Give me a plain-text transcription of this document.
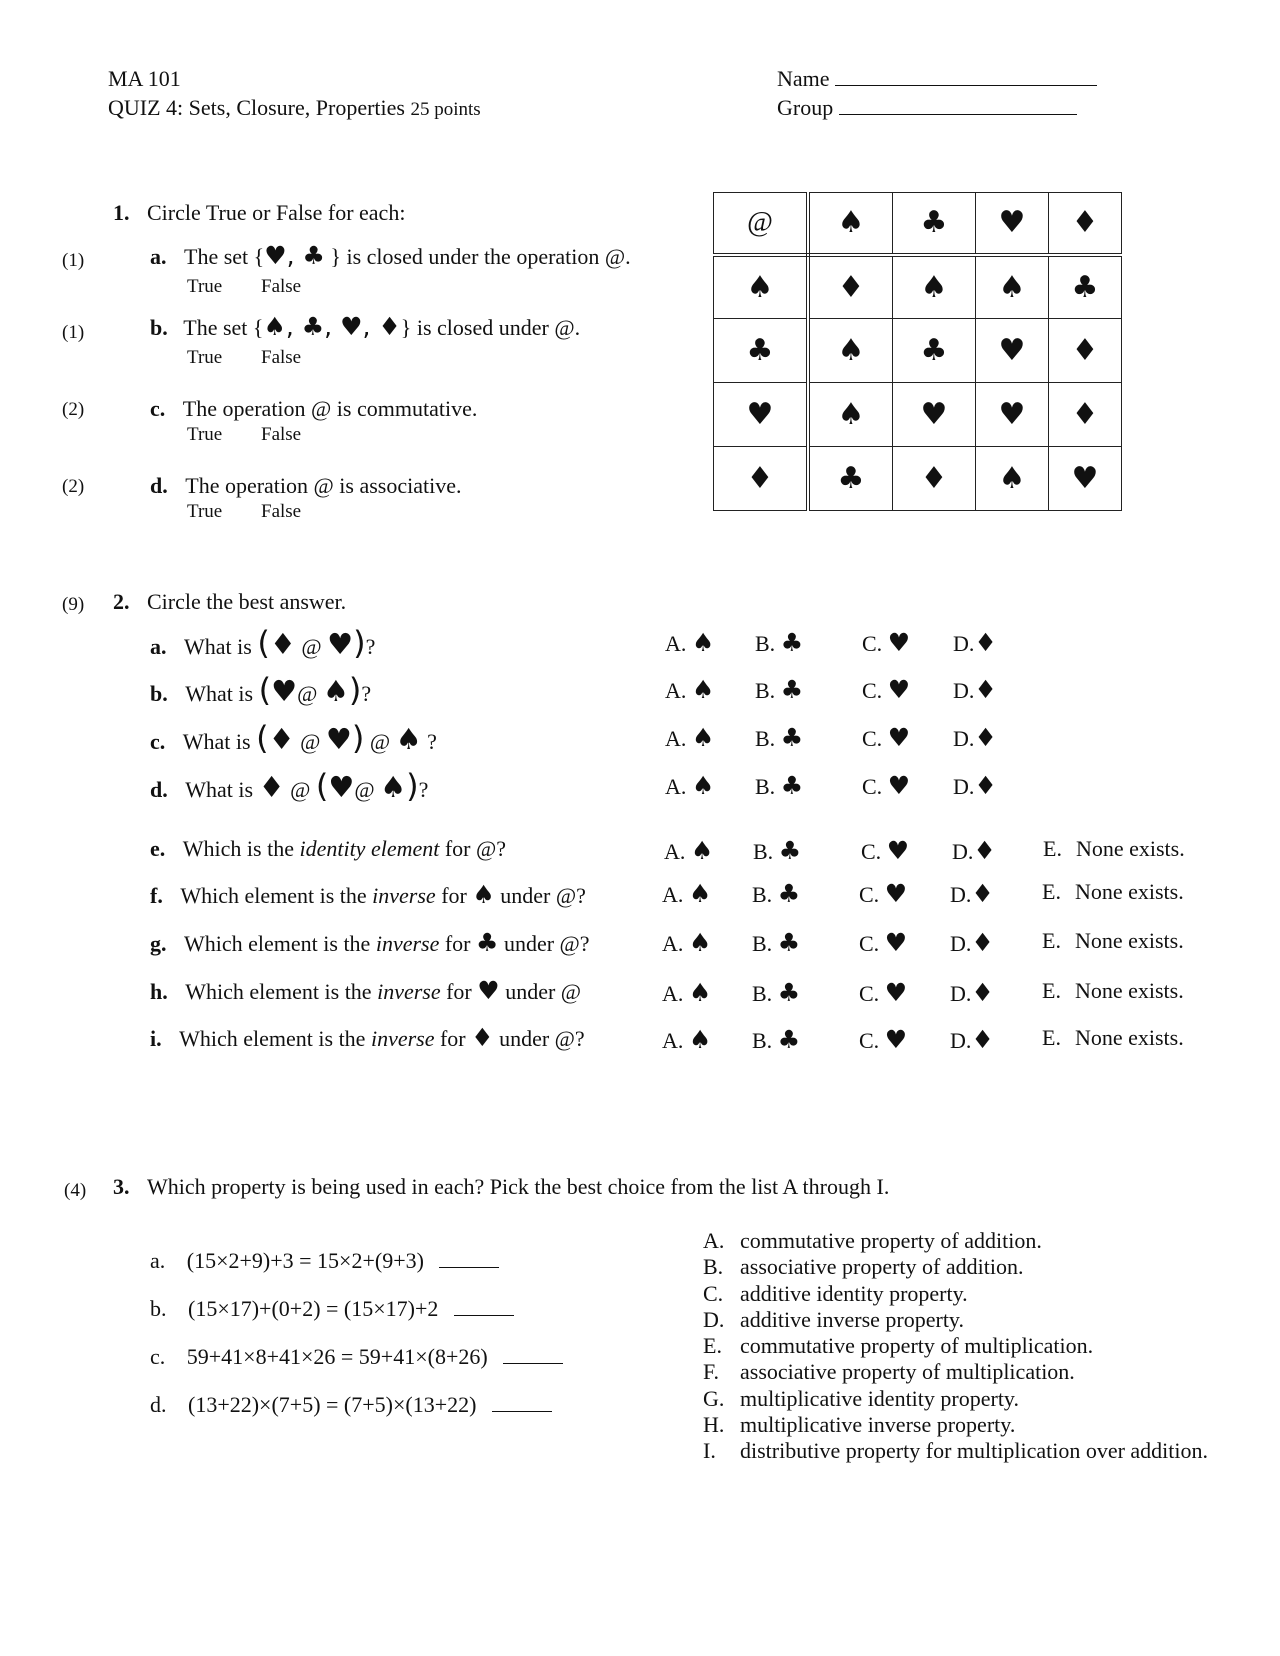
MA 101
QUIZ 4: Sets, Closure, Properties 25 points
Name
Group
1. Circle True or False for each:
(1)	a. The set {♥, ♣ } is closed under the operation @.
True False
(1)	b. The set {♠, ♣, ♥, ♦} is closed under @.
True False
(2)	c. The operation @ is commutative.
True False
(2)	d. The operation @ is associative.
True False
@	♠	♣	♥	♦
♠	♦	♠	♠	♣
♣	♠	♣	♥	♦
♥	♠	♥	♥	♦
♦	♣	♦	♠	♥
(9) 2. Circle the best answer.
a. What is (♦ @ ♥)?
b. What is (♥@ ♠)?
c. What is (♦ @ ♥) @ ♠ ?
d. What is ♦ @ (♥@ ♠)?
e. Which is the identity element for @?
f. Which element is the inverse for ♠ under @?
g. Which element is the inverse for ♣ under @?
h. Which element is the inverse for ♥ under @
i. Which element is the inverse for ♦ under @?
A. ♠ B. ♣	C. ♥ D.♦
A. ♠ B. ♣	C. ♥ D.♦
A. ♠ B. ♣	C. ♥ D.♦
A. ♠ B. ♣	C. ♥ D.♦
A. ♠ B. ♣	C. ♥ D.♦ E. None exists.
A. ♠ B. ♣	C. ♥ D.♦ E. None exists.
A. ♠ B. ♣	C. ♥ D.♦ E. None exists.
A. ♠ B. ♣	C. ♥ D.♦ E. None exists.
A. ♠ B. ♣	C. ♥ D.♦ E. None exists.
(4) 3. Which property is being used in each? Pick the best choice from the list A through I.
a. (15×2+9)+3 = 15×2+(9+3)
b. (15×17)+(0+2) = (15×17)+2
c. 59+41×8+41×26 = 59+41×(8+26)
d. (13+22)×(7+5) = (7+5)×(13+22)
A. commutative property of addition.
B. associative property of addition.
C. additive identity property.
D. additive inverse property.
E. commutative property of multiplication.
F. associative property of multiplication.
G. multiplicative identity property.
H. multiplicative inverse property.
I. distributive property for multiplication over addition.
